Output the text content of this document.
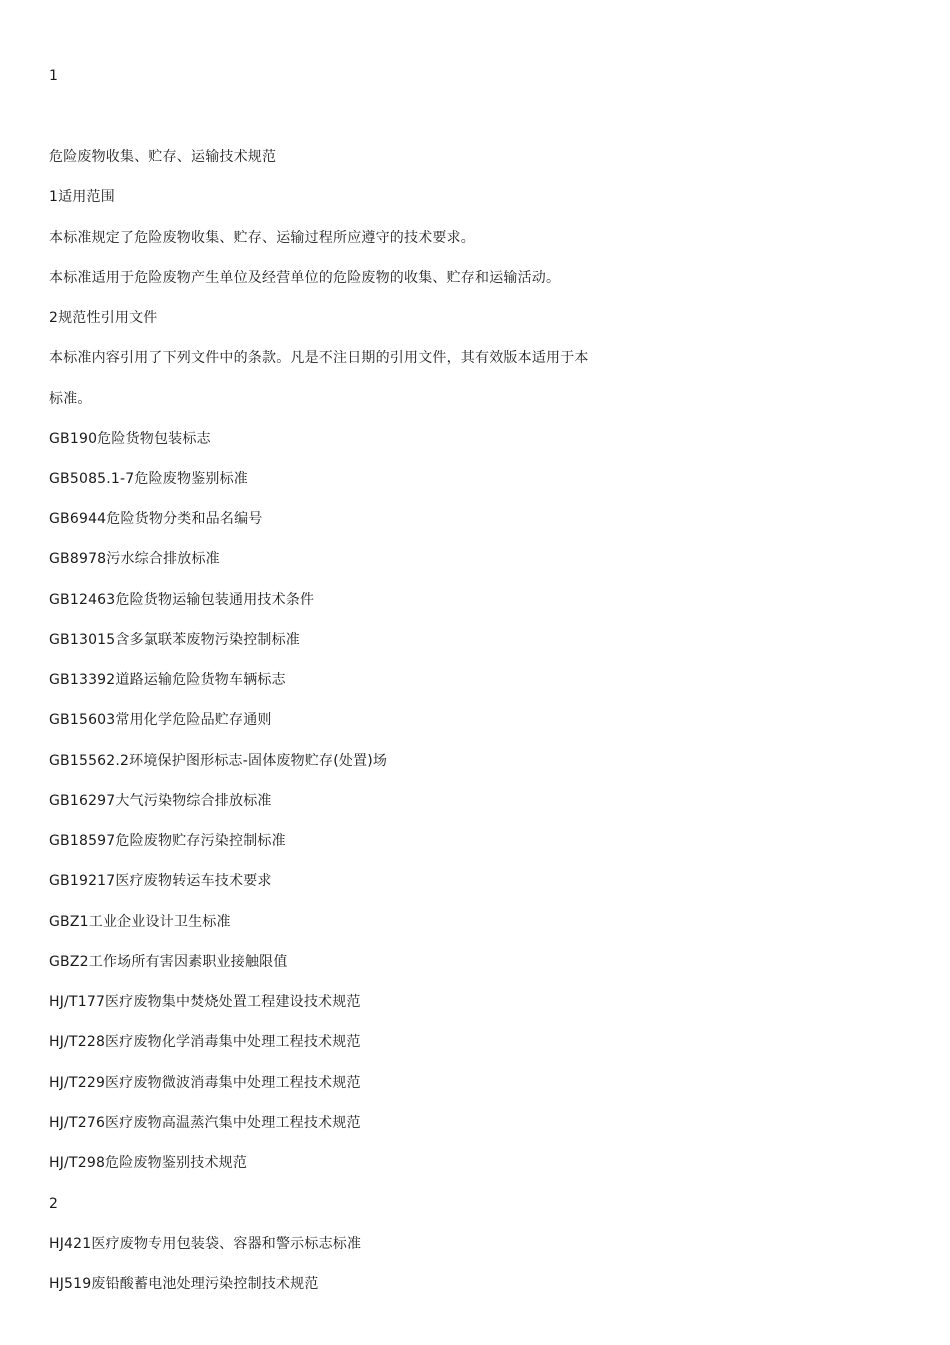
1
危险废物收集、贮存、运输技术规范
1适用范围
本标准规定了危险废物收集、贮存、运输过程所应遵守的技术要求。
本标准适用于危险废物产生单位及经营单位的危险废物的收集、贮存和运输活动。
2规范性引用文件
本标准内容引用了下列文件中的条款。凡是不注日期的引用文件，其有效版本适用于本
标准。
GB190危险货物包装标志
GB5085.1-7危险废物鉴别标准
GB6944危险货物分类和品名编号
GB8978污水综合排放标准
GB12463危险货物运输包装通用技术条件
GB13015含多氯联苯废物污染控制标准
GB13392道路运输危险货物车辆标志
GB15603常用化学危险品贮存通则
GB15562.2环境保护图形标志-固体废物贮存(处置)场
GB16297大气污染物综合排放标准
GB18597危险废物贮存污染控制标准
GB19217医疗废物转运车技术要求
GBZ1工业企业设计卫生标准
GBZ2工作场所有害因素职业接触限值
HJ/T177医疗废物集中焚烧处置工程建设技术规范
HJ/T228医疗废物化学消毒集中处理工程技术规范
HJ/T229医疗废物微波消毒集中处理工程技术规范
HJ/T276医疗废物高温蒸汽集中处理工程技术规范
HJ/T298危险废物鉴别技术规范
2
HJ421医疗废物专用包装袋、容器和警示标志标准
HJ519废铅酸蓄电池处理污染控制技术规范
